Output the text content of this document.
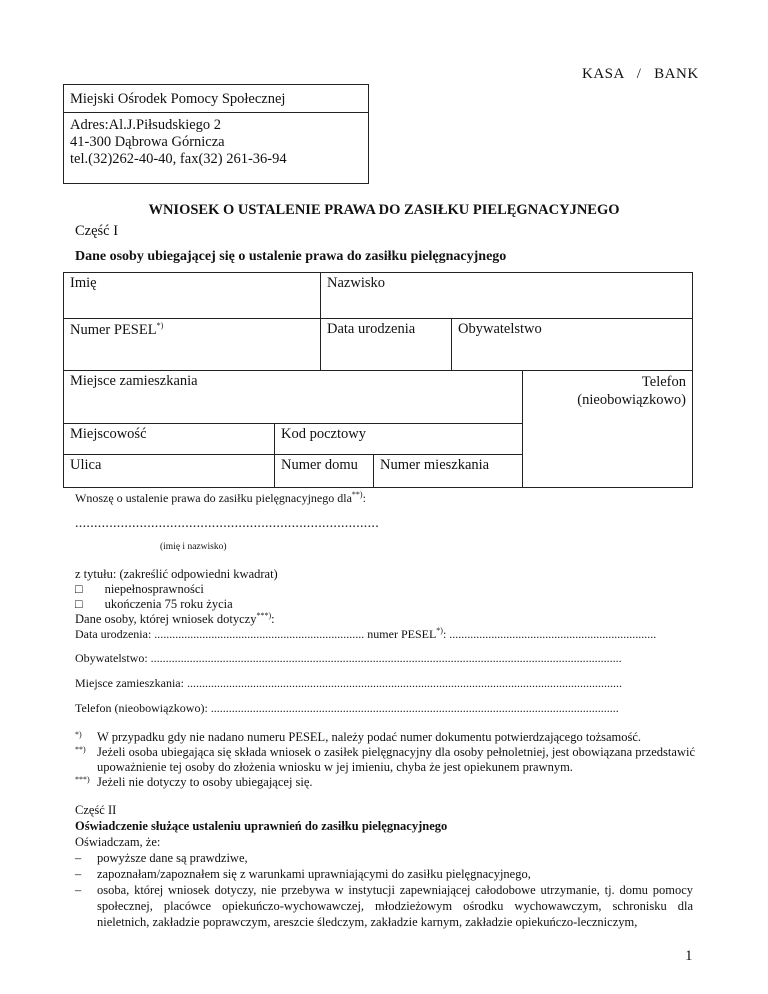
KASA   /   BANK
Miejski Ośrodek Pomocy Społecznej
Adres:Al.J.Piłsudskiego 2
41-300 Dąbrowa Górnicza
tel.(32)262-40-40, fax(32) 261-36-94
WNIOSEK O USTALENIE PRAWA DO ZASIŁKU PIELĘGNACYJNEGO
Część I
Dane osoby ubiegającej się o ustalenie prawa do zasiłku pielęgnacyjnego
Imię	Nazwisko
Numer PESEL*)	Data urodzenia	Obywatelstwo
Miejsce zamieszkania	Telefon
(nieobowiązkowo)
Miejscowość	Kod pocztowy
Ulica	Numer domu	Numer mieszkania
Wnoszę o ustalenie prawa do zasiłku pielęgnacyjnego dla**):
................................................................................
(imię i nazwisko)
z tytułu: (zakreślić odpowiedni kwadrat)
□ niepełnosprawności
□ ukończenia 75 roku życia
Dane osoby, której wniosek dotyczy***):
Data urodzenia: ...................................................................... numer PESEL*): .....................................................................
Obywatelstwo: .............................................................................................................................................................
Miejsce zamieszkania: .................................................................................................................................................
Telefon (nieobowiązkowo): ........................................................................................................................................
*) W przypadku gdy nie nadano numeru PESEL, należy podać numer dokumentu potwierdzającego tożsamość.
**) Jeżeli osoba ubiegająca się składa wniosek o zasiłek pielęgnacyjny dla osoby pełnoletniej, jest obowiązana przedstawić upoważnienie tej osoby do złożenia wniosku w jej imieniu, chyba że jest opiekunem prawnym.
***) Jeżeli nie dotyczy to osoby ubiegającej się.
Część II
Oświadczenie służące ustaleniu uprawnień do zasiłku pielęgnacyjnego
Oświadczam, że:
– powyższe dane są prawdziwe,
– zapoznałam/zapoznałem się z warunkami uprawniającymi do zasiłku pielęgnacyjnego,
– osoba, której wniosek dotyczy, nie przebywa w instytucji zapewniającej całodobowe utrzymanie, tj. domu pomocy społecznej, placówce opiekuńczo-wychowawczej, młodzieżowym ośrodku wychowawczym, schronisku dla nieletnich, zakładzie poprawczym, areszcie śledczym, zakładzie karnym, zakładzie opiekuńczo-leczniczym,
1
